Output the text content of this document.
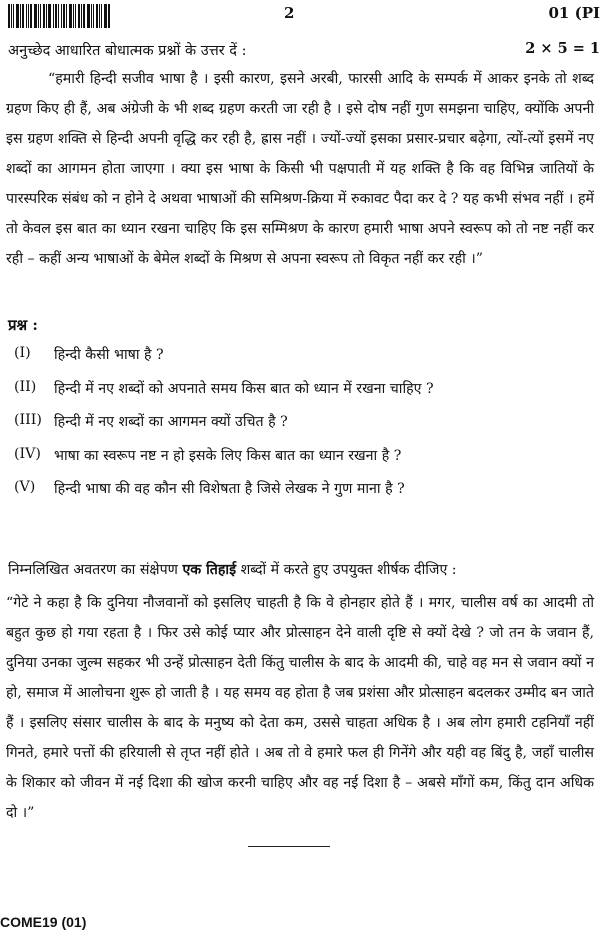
2	01 (PI
अनुच्छेद आधारित बोधात्मक प्रश्नों के उत्तर दें :	2 × 5 = 1
“हमारी हिन्दी सजीव भाषा है । इसी कारण, इसने अरबी, फारसी आदि के सम्पर्क में आकर इनके तो शब्द ग्रहण किए ही हैं, अब अंग्रेजी के भी शब्द ग्रहण करती जा रही है । इसे दोष नहीं गुण समझना चाहिए, क्योंकि अपनी इस ग्रहण शक्ति से हिन्दी अपनी वृद्धि कर रही है, ह्रास नहीं । ज्यों-ज्यों इसका प्रसार-प्रचार बढ़ेगा, त्यों-त्यों इसमें नए शब्दों का आगमन होता जाएगा । क्या इस भाषा के किसी भी पक्षपाती में यह शक्ति है कि वह विभिन्न जातियों के पारस्परिक संबंध को न होने दे अथवा भाषाओं की समिश्रण-क्रिया में रुकावट पैदा कर दे ? यह कभी संभव नहीं । हमें तो केवल इस बात का ध्यान रखना चाहिए कि इस सम्मिश्रण के कारण हमारी भाषा अपने स्वरूप को तो नष्ट नहीं कर रही – कहीं अन्य भाषाओं के बेमेल शब्दों के मिश्रण से अपना स्वरूप तो विकृत नहीं कर रही ।”
प्रश्न :
(I)	हिन्दी कैसी भाषा है ?
(II)	हिन्दी में नए शब्दों को अपनाते समय किस बात को ध्यान में रखना चाहिए ?
(III) हिन्दी में नए शब्दों का आगमन क्यों उचित है ?
(IV) भाषा का स्वरूप नष्ट न हो इसके लिए किस बात का ध्यान रखना है ?
(V)	हिन्दी भाषा की वह कौन सी विशेषता है जिसे लेखक ने गुण माना है ?
निम्नलिखित अवतरण का संक्षेपण एक तिहाई शब्दों में करते हुए उपयुक्त शीर्षक दीजिए :
“गेटे ने कहा है कि दुनिया नौजवानों को इसलिए चाहती है कि वे होनहार होते हैं । मगर, चालीस वर्ष का आदमी तो बहुत कुछ हो गया रहता है । फिर उसे कोई प्यार और प्रोत्साहन देने वाली दृष्टि से क्यों देखे ? जो तन के जवान हैं, दुनिया उनका जुल्म सहकर भी उन्हें प्रोत्साहन देती किंतु चालीस के बाद के आदमी की, चाहे वह मन से जवान क्यों न हो, समाज में आलोचना शुरू हो जाती है । यह समय वह होता है जब प्रशंसा और प्रोत्साहन बदलकर उम्मीद बन जाते हैं । इसलिए संसार चालीस के बाद के मनुष्य को देता कम, उससे चाहता अधिक है । अब लोग हमारी टहनियाँ नहीं गिनते, हमारे पत्तों की हरियाली से तृप्त नहीं होते । अब तो वे हमारे फल ही गिनेंगे और यही वह बिंदु है, जहाँ चालीस के शिकार को जीवन में नई दिशा की खोज करनी चाहिए और वह नई दिशा है – अबसे माँगों कम, किंतु दान अधिक दो ।”
COME19 (01)
